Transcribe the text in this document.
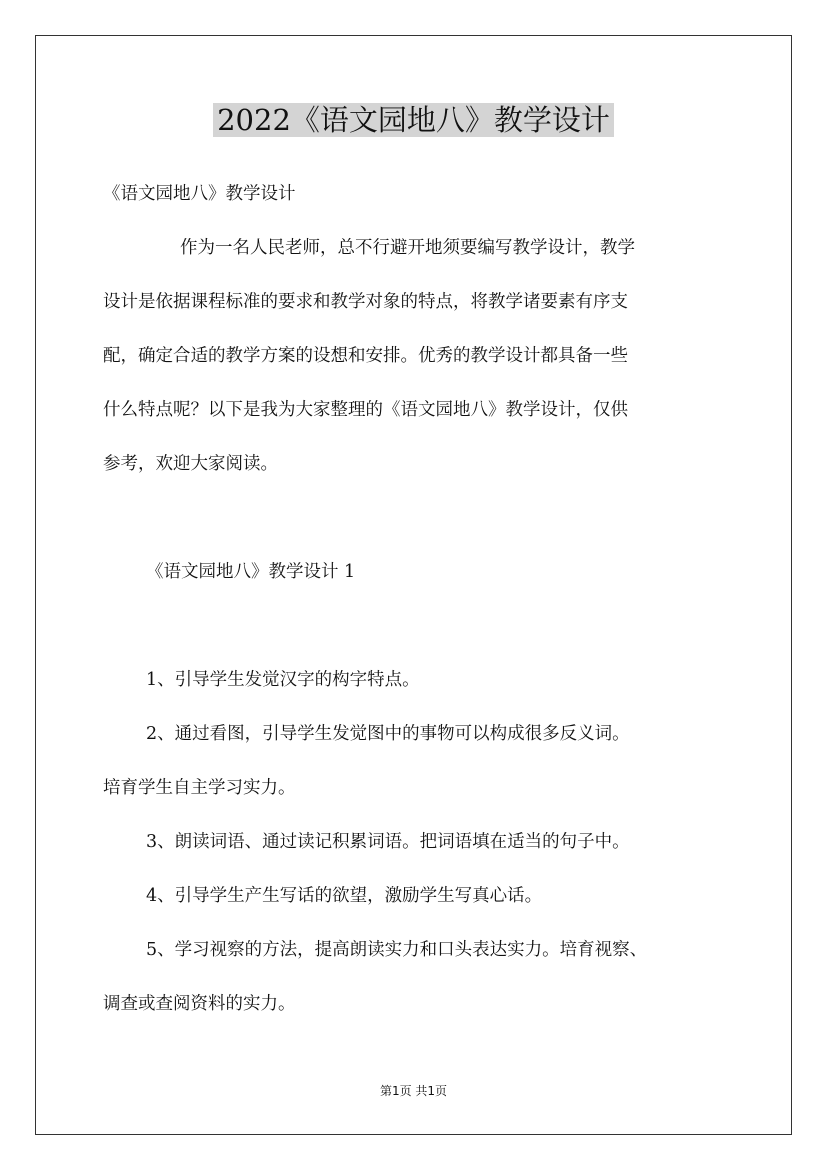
2022《语文园地八》教学设计
《语文园地八》教学设计
作为一名人民老师，总不行避开地须要编写教学设计，教学
设计是依据课程标准的要求和教学对象的特点，将教学诸要素有序支
配，确定合适的教学方案的设想和安排。优秀的教学设计都具备一些
什么特点呢？以下是我为大家整理的《语文园地八》教学设计，仅供
参考，欢迎大家阅读。
《语文园地八》教学设计 1
1、引导学生发觉汉字的构字特点。
2、通过看图，引导学生发觉图中的事物可以构成很多反义词。
培育学生自主学习实力。
3、朗读词语、通过读记积累词语。把词语填在适当的句子中。
4、引导学生产生写话的欲望，激励学生写真心话。
5、学习视察的方法，提高朗读实力和口头表达实力。培育视察、
调查或查阅资料的实力。
第1页 共1页
